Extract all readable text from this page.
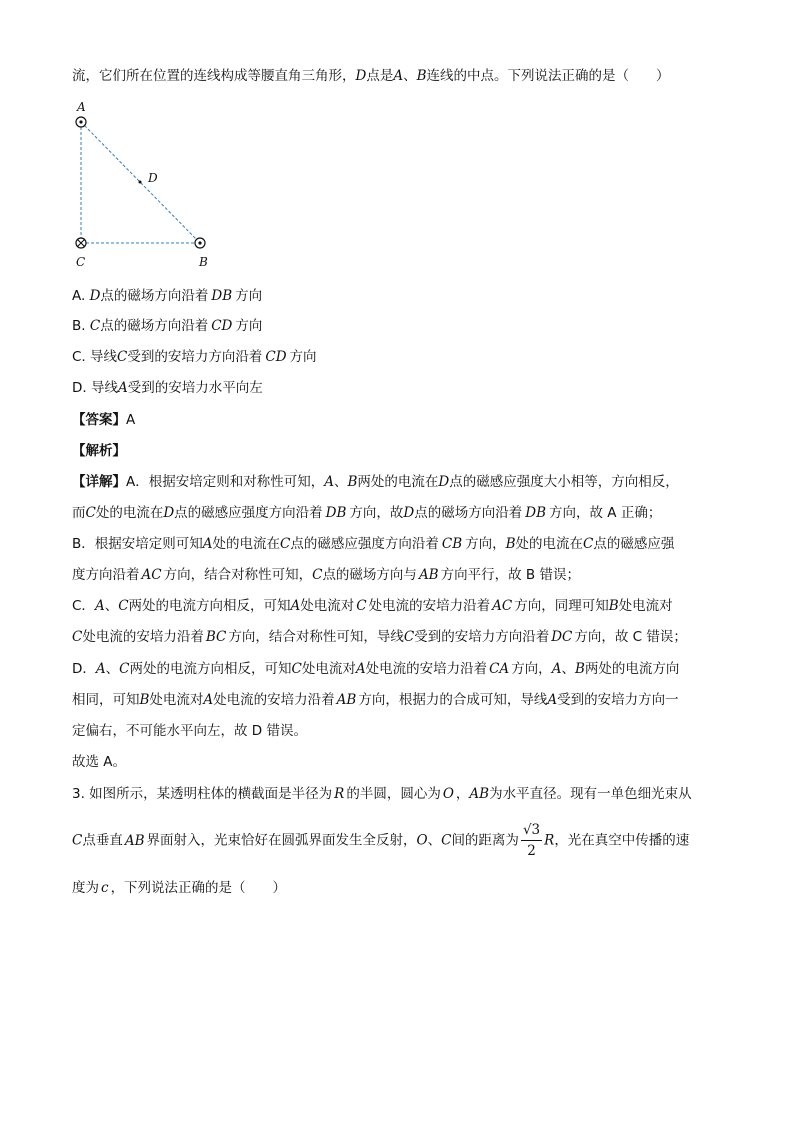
流，它们所在位置的连线构成等腰直角三角形，D点是A、B连线的中点。下列说法正确的是（　　）
A
D
C	B
A. D点的磁场方向沿着 DB 方向
B. C点的磁场方向沿着 CD 方向
C. 导线C受到的安培力方向沿着 CD 方向
D. 导线A受到的安培力水平向左
【答案】A
【解析】
【详解】A．根据安培定则和对称性可知，A、B两处的电流在D点的磁感应强度大小相等，方向相反，
而C处的电流在D点的磁感应强度方向沿着 DB 方向，故D点的磁场方向沿着 DB 方向，故 A 正确；
B．根据安培定则可知A处的电流在C点的磁感应强度方向沿着 CB 方向，B处的电流在C点的磁感应强
度方向沿着 AC 方向，结合对称性可知，C点的磁场方向与 AB 方向平行，故 B 错误；
C．A、C两处的电流方向相反，可知A处电流对 C 处电流的安培力沿着 AC 方向，同理可知B处电流对
C处电流的安培力沿着 BC 方向，结合对称性可知，导线C受到的安培力方向沿着 DC 方向，故 C 错误；
D．A、C两处的电流方向相反，可知C处电流对A处电流的安培力沿着 CA 方向，A、B两处的电流方向
相同，可知B处电流对A处电流的安培力沿着 AB 方向，根据力的合成可知，导线A受到的安培力方向一
定偏右，不可能水平向左，故 D 错误。
故选 A。
3. 如图所示，某透明柱体的横截面是半径为 R 的半圆，圆心为 O ，AB为水平直径。现有一单色细光束从
C点垂直 AB 界面射入，光束恰好在圆弧界面发生全反射，O、C间的距离为 $\frac{√3}{2}$ R，光在真空中传播的速
度为 c ，下列说法正确的是（　　）
